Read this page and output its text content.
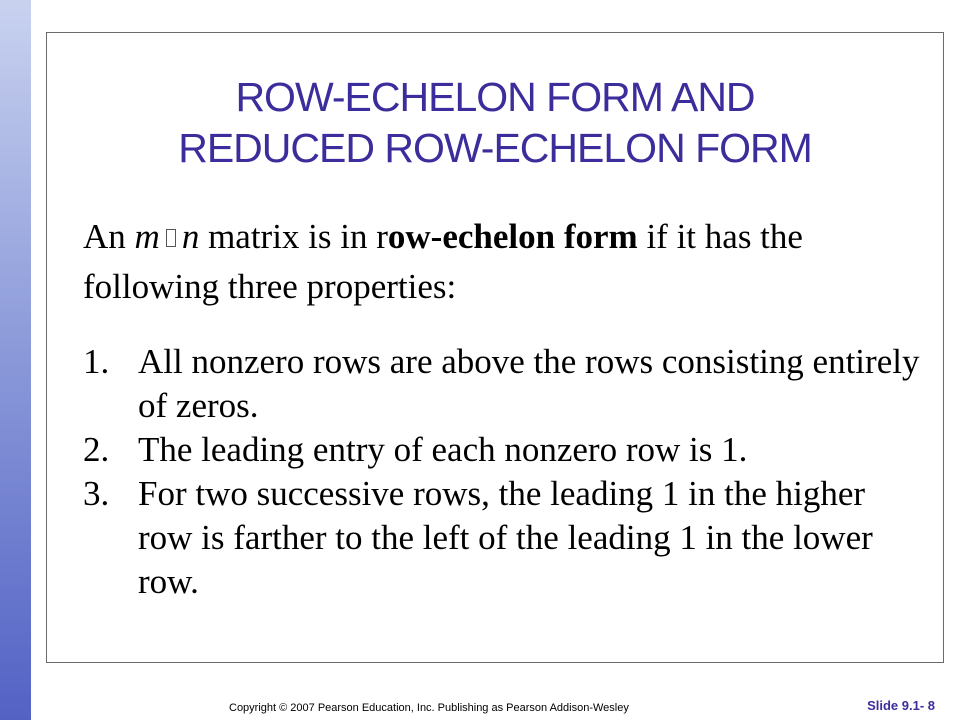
ROW-ECHELON FORM AND
REDUCED ROW-ECHELON FORM
An m n matrix is in row-echelon form if it has the following three properties:
1. All nonzero rows are above the rows consisting entirely of zeros.
2. The leading entry of each nonzero row is 1.
3. For two successive rows, the leading 1 in the higher row is farther to the left of the leading 1 in the lower row.
Copyright © 2007 Pearson Education, Inc. Publishing as Pearson Addison-Wesley	Slide 9.1- 8
